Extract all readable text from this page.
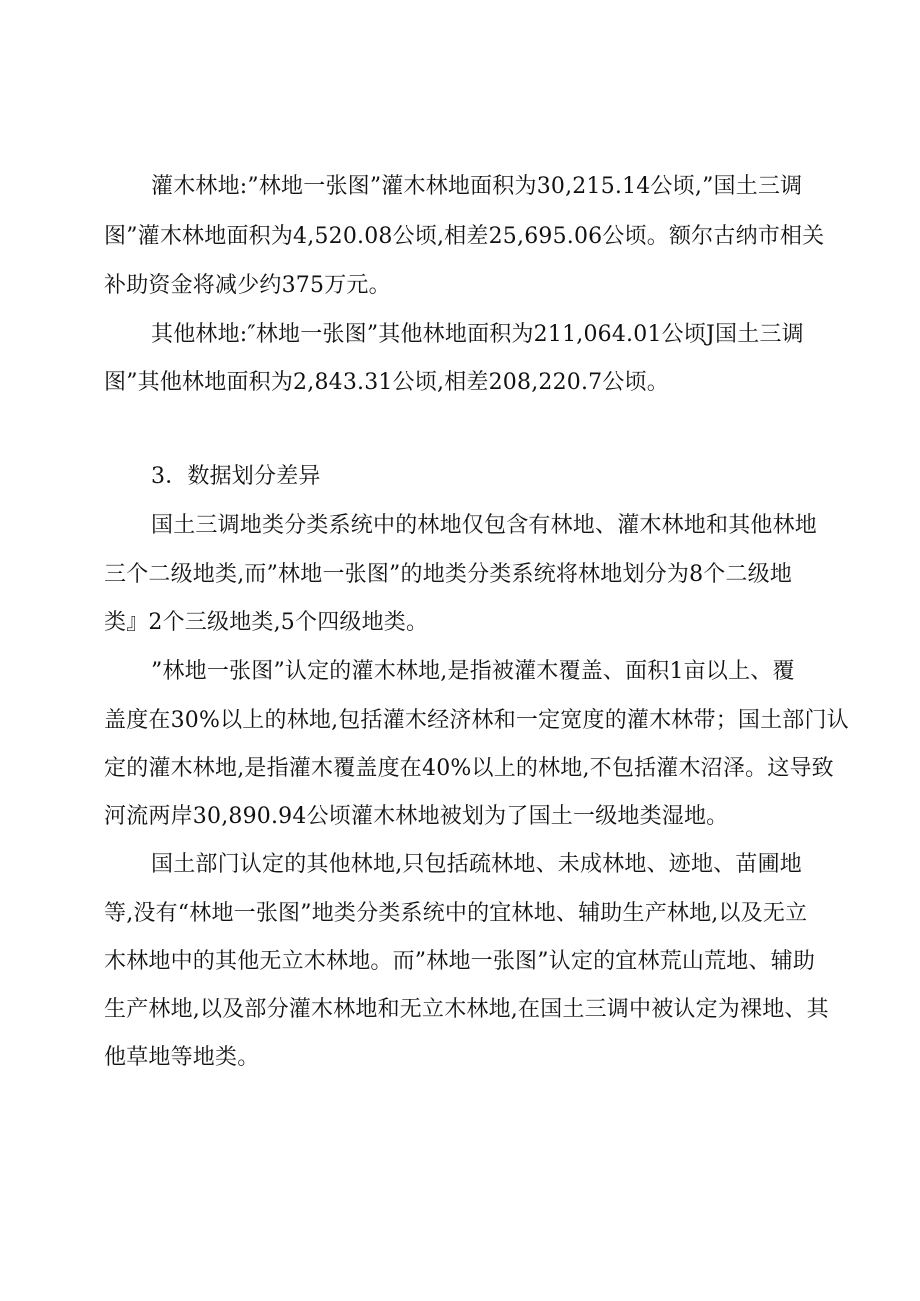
灌木林地:”林地一张图”灌木林地面积为30,215.14公顷,”国土三调
图”灌木林地面积为4,520.08公顷,相差25,695.06公顷。额尔古纳市相关
补助资金将减少约375万元。
其他林地:″林地一张图”其他林地面积为211,064.01公顷J国土三调
图”其他林地面积为2,843.31公顷,相差208,220.7公顷。
3．数据划分差异
国土三调地类分类系统中的林地仅包含有林地、灌木林地和其他林地
三个二级地类,而”林地一张图”的地类分类系统将林地划分为8个二级地
类』2个三级地类,5个四级地类。
”林地一张图”认定的灌木林地,是指被灌木覆盖、面积1亩以上、覆
盖度在30%以上的林地,包括灌木经济林和一定宽度的灌木林带；国土部门认
定的灌木林地,是指灌木覆盖度在40%以上的林地,不包括灌木沼泽。这导致
河流两岸30,890.94公顷灌木林地被划为了国土一级地类湿地。
国土部门认定的其他林地,只包括疏林地、未成林地、迹地、苗圃地
等,没有“林地一张图”地类分类系统中的宜林地、辅助生产林地,以及无立
木林地中的其他无立木林地。而”林地一张图”认定的宜林荒山荒地、辅助
生产林地,以及部分灌木林地和无立木林地,在国土三调中被认定为裸地、其
他草地等地类。
